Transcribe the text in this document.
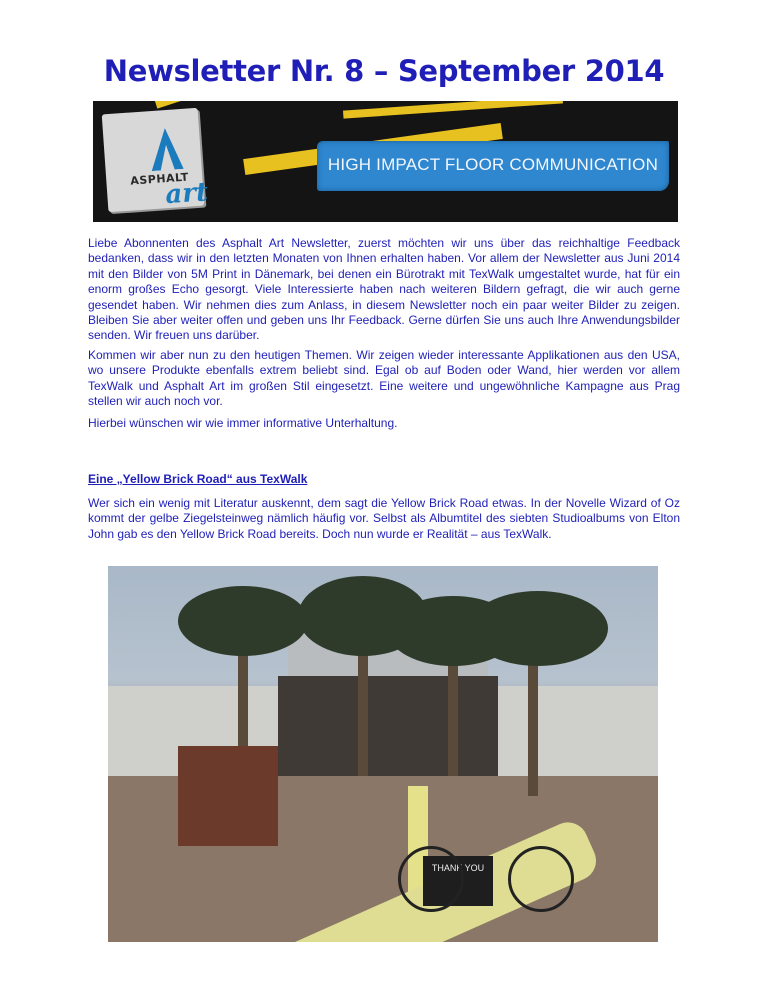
Newsletter Nr. 8 – September 2014
ASPHALT
art
HIGH IMPACT FLOOR COMMUNICATION

Liebe Abonnenten des Asphalt Art Newsletter, zuerst möchten wir uns über das reichhaltige Feedback bedanken, dass wir in den letzten Monaten von Ihnen erhalten haben. Vor allem der Newsletter aus Juni 2014 mit den Bilder von 5M Print in Dänemark, bei denen ein Bürotrakt mit TexWalk umgestaltet wurde, hat für ein enorm großes Echo gesorgt. Viele Interessierte haben nach weiteren Bildern gefragt, die wir auch gerne gesendet haben. Wir nehmen dies zum Anlass, in diesem Newsletter noch ein paar weiter Bilder zu zeigen. Bleiben Sie aber weiter offen und geben uns Ihr Feedback. Gerne dürfen Sie uns auch Ihre Anwendungsbilder senden. Wir freuen uns darüber.

Kommen wir aber nun zu den heutigen Themen. Wir zeigen wieder interessante Applikationen aus den USA, wo unsere Produkte ebenfalls extrem beliebt sind. Egal ob auf Boden oder Wand, hier werden vor allem TexWalk und Asphalt Art im großen Stil eingesetzt. Eine weitere und ungewöhnliche Kampagne aus Prag stellen wir auch noch vor.

Hierbei wünschen wir wie immer informative Unterhaltung.

Eine „Yellow Brick Road“ aus TexWalk

Wer sich ein wenig mit Literatur auskennt, dem sagt die Yellow Brick Road etwas. In der Novelle Wizard of Oz kommt der gelbe Ziegelsteinweg nämlich häufig vor. Selbst als Albumtitel des siebten Studioalbums von Elton John gab es den Yellow Brick Road bereits. Doch nun wurde er Realität – aus TexWalk.

THANK YOU
